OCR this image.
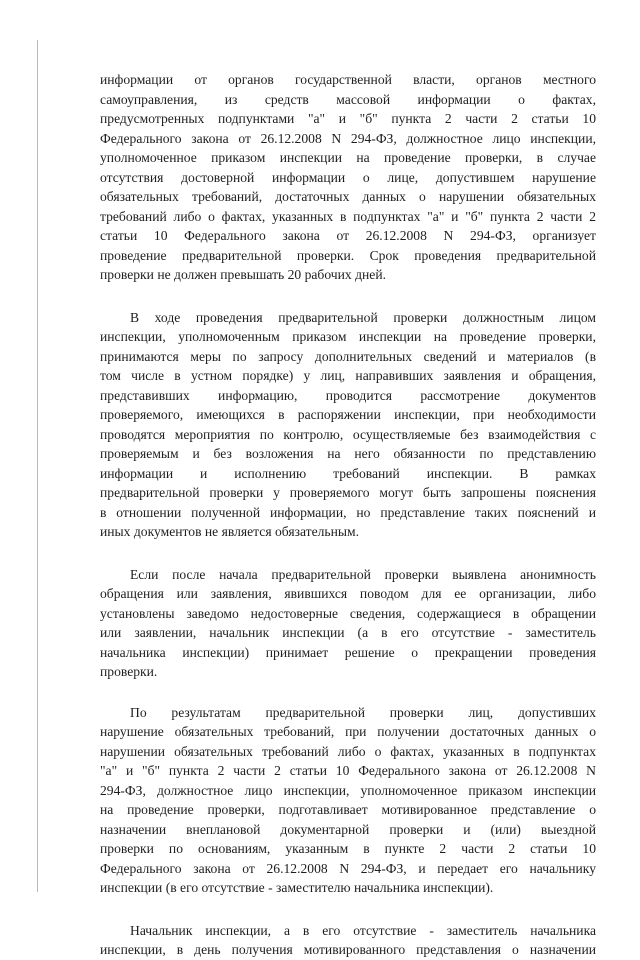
информации от органов государственной власти, органов местного
самоуправления, из средств массовой информации о фактах,
предусмотренных подпунктами "а" и "б" пункта 2 части 2 статьи 10
Федерального закона от 26.12.2008 N 294-ФЗ, должностное лицо инспекции,
уполномоченное приказом инспекции на проведение проверки, в случае
отсутствия достоверной информации о лице, допустившем нарушение
обязательных требований, достаточных данных о нарушении обязательных
требований либо о фактах, указанных в подпунктах "а" и "б" пункта 2 части 2
статьи 10 Федерального закона от 26.12.2008 N 294-ФЗ, организует
проведение предварительной проверки. Срок проведения предварительной
проверки не должен превышать 20 рабочих дней.

В ходе проведения предварительной проверки должностным лицом
инспекции, уполномоченным приказом инспекции на проведение проверки,
принимаются меры по запросу дополнительных сведений и материалов (в
том числе в устном порядке) у лиц, направивших заявления и обращения,
представивших информацию, проводится рассмотрение документов
проверяемого, имеющихся в распоряжении инспекции, при необходимости
проводятся мероприятия по контролю, осуществляемые без взаимодействия с
проверяемым и без возложения на него обязанности по представлению
информации и исполнению требований инспекции. В рамках
предварительной проверки у проверяемого могут быть запрошены пояснения
в отношении полученной информации, но представление таких пояснений и
иных документов не является обязательным.

Если после начала предварительной проверки выявлена анонимность
обращения или заявления, явившихся поводом для ее организации, либо
установлены заведомо недостоверные сведения, содержащиеся в обращении
или заявлении, начальник инспекции (а в его отсутствие - заместитель
начальника инспекции) принимает решение о прекращении проведения
проверки.

По результатам предварительной проверки лиц, допустивших
нарушение обязательных требований, при получении достаточных данных о
нарушении обязательных требований либо о фактах, указанных в подпунктах
"а" и "б" пункта 2 части 2 статьи 10 Федерального закона от 26.12.2008 N
294-ФЗ, должностное лицо инспекции, уполномоченное приказом инспекции
на проведение проверки, подготавливает мотивированное представление о
назначении внеплановой документарной проверки и (или) выездной
проверки по основаниям, указанным в пункте 2 части 2 статьи 10
Федерального закона от 26.12.2008 N 294-ФЗ, и передает его начальнику
инспекции (в его отсутствие - заместителю начальника инспекции).

Начальник инспекции, а в его отсутствие - заместитель начальника
инспекции, в день получения мотивированного представления о назначении
